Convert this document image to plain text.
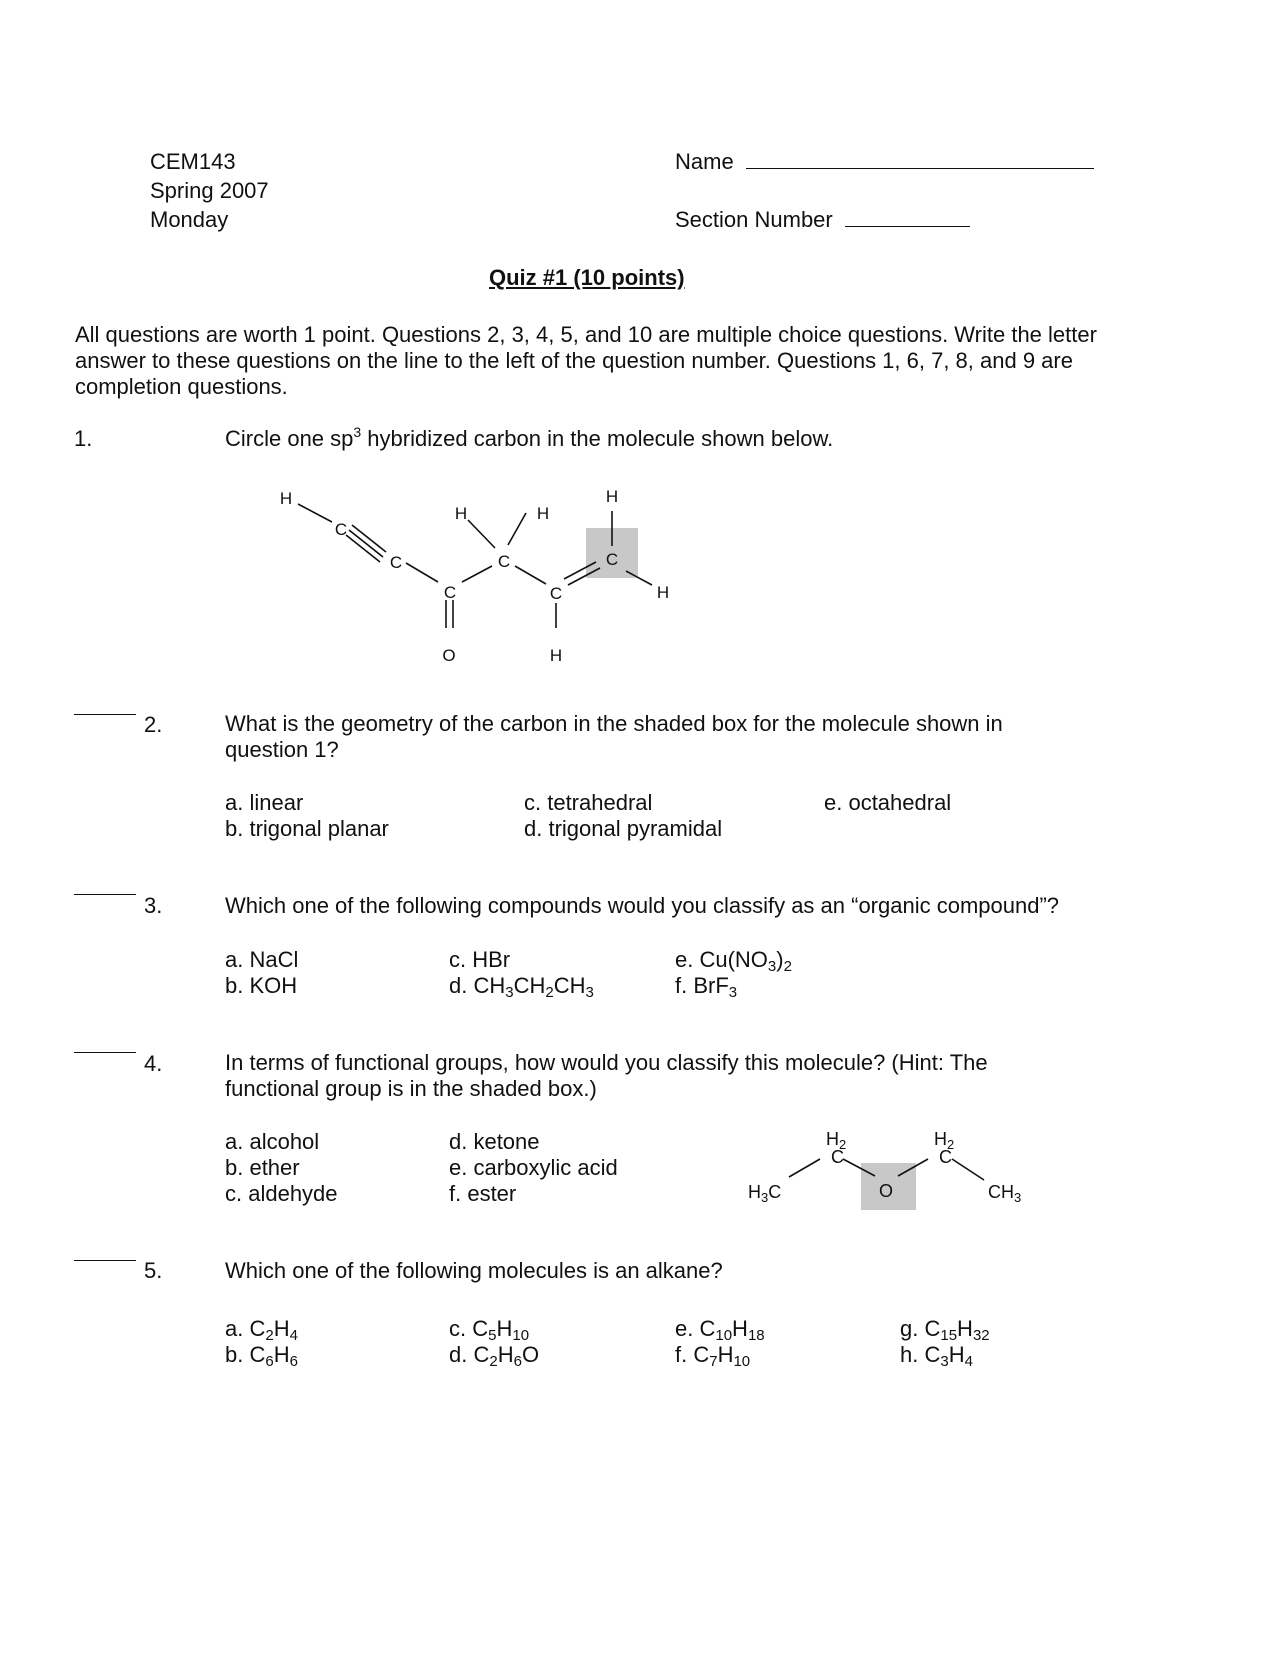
CEM143
Spring 2007
Monday
Name
Section Number
Quiz #1 (10 points)
All questions are worth 1 point. Questions 2, 3, 4, 5, and 10 are multiple choice questions. Write the letter answer to these questions on the line to the left of the question number. Questions 1, 6, 7, 8, and 9 are completion questions.
1.	Circle one $sp^3$ hybridized carbon in the molecule shown below.
H
C
C
C
O
H
C
H
C
H
C
H
H
2.	What is the geometry of the carbon in the shaded box for the molecule shown in question 1?
a. linear
b. trigonal planar
c. tetrahedral
d. trigonal pyramidal
e. octahedral
3.	Which one of the following compounds would you classify as an “organic compound”?
a. NaCl
b. KOH
c. HBr
d. $CH_3CH_2CH_3$
e. $Cu(NO_3)_2$
f. BrF$_3$
4.	In terms of functional groups, how would you classify this molecule? (Hint: The functional group is in the shaded box.)
a. alcohol
b. ether
c. aldehyde
d. ketone
e. carboxylic acid
f. ester	$H_3C$
$H_2$ C
O
$H_2$ C
$CH_3$
5.	Which one of the following molecules is an alkane?
a. $C_2H_4$
b. $C_6H_6$
c. $C_5H_{10}$
d. $C_2H_6O$
e. $C_{10}H_{18}$
f. $C_7H_{10}$
g. $C_{15}H_{32}$
h. $C_3H_4$
